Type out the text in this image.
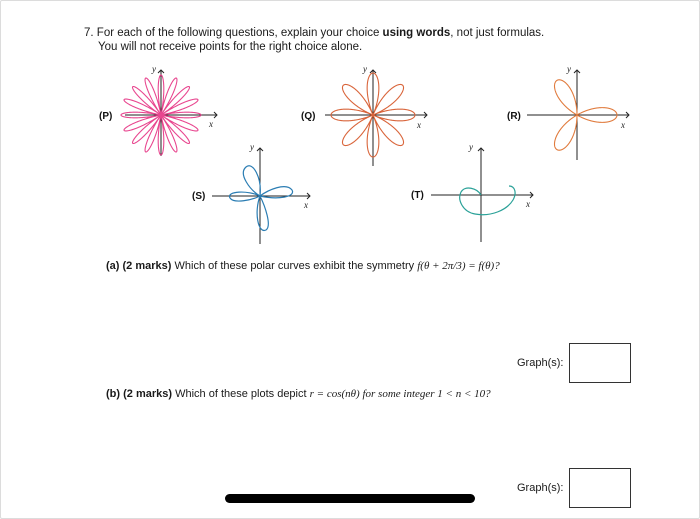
7. For each of the following questions, explain your choice using words, not just formulas.
You will not receive points for the right choice alone.
x
y
(P)
x
y
(Q)
x
y
(R)
x
y
(S)
x
y
(T)
(a) (2 marks) Which of these polar curves exhibit the symmetry f(θ + 2π/3) = f(θ)?
Graph(s):
(b) (2 marks) Which of these plots depict r = cos(nθ) for some integer 1 < n < 10?
Graph(s):
